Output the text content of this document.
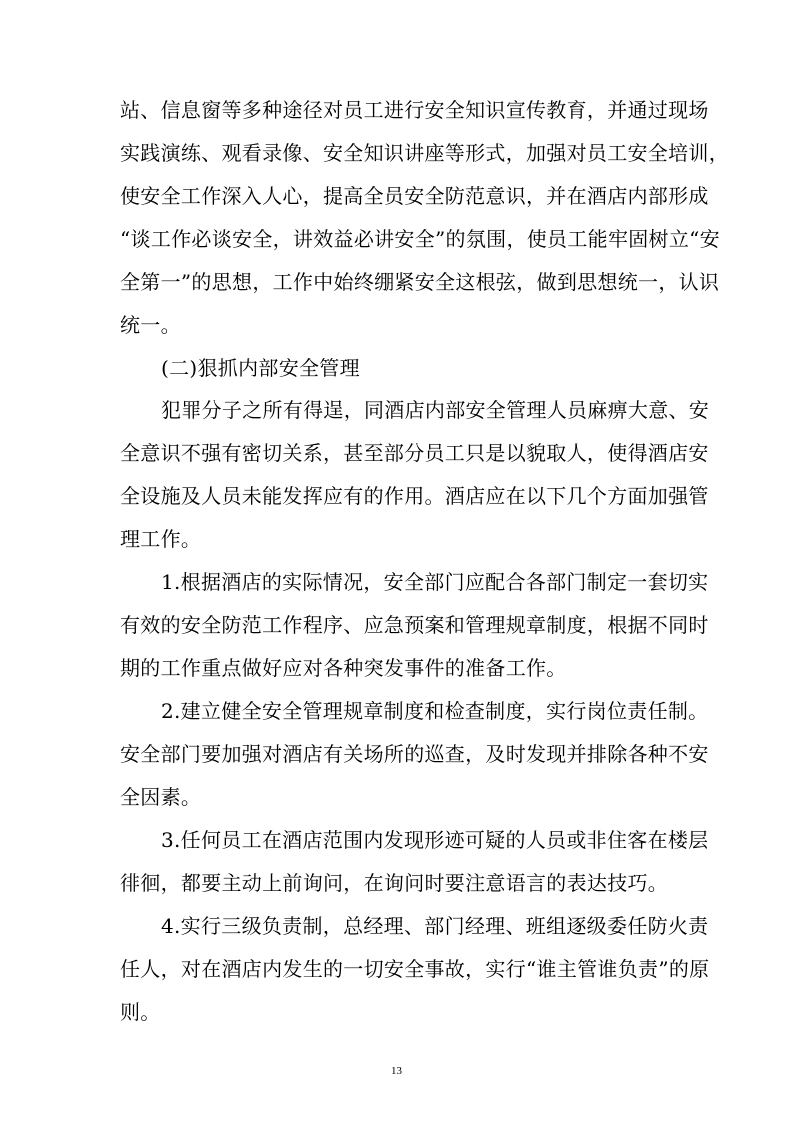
站、信息窗等多种途径对员工进行安全知识宣传教育，并通过现场
实践演练、观看录像、安全知识讲座等形式，加强对员工安全培训，
使安全工作深入人心，提高全员安全防范意识，并在酒店内部形成
“谈工作必谈安全，讲效益必讲安全”的氛围，使员工能牢固树立“安
全第一”的思想，工作中始终绷紧安全这根弦，做到思想统一，认识
统一。
(二)狠抓内部安全管理
犯罪分子之所有得逞，同酒店内部安全管理人员麻痹大意、安
全意识不强有密切关系，甚至部分员工只是以貌取人，使得酒店安
全设施及人员未能发挥应有的作用。酒店应在以下几个方面加强管
理工作。
1.根据酒店的实际情况，安全部门应配合各部门制定一套切实
有效的安全防范工作程序、应急预案和管理规章制度，根据不同时
期的工作重点做好应对各种突发事件的准备工作。
2.建立健全安全管理规章制度和检查制度，实行岗位责任制。
安全部门要加强对酒店有关场所的巡查，及时发现并排除各种不安
全因素。
3.任何员工在酒店范围内发现形迹可疑的人员或非住客在楼层
徘徊，都要主动上前询问，在询问时要注意语言的表达技巧。
4.实行三级负责制，总经理、部门经理、班组逐级委任防火责
任人，对在酒店内发生的一切安全事故，实行“谁主管谁负责”的原
则。
13
